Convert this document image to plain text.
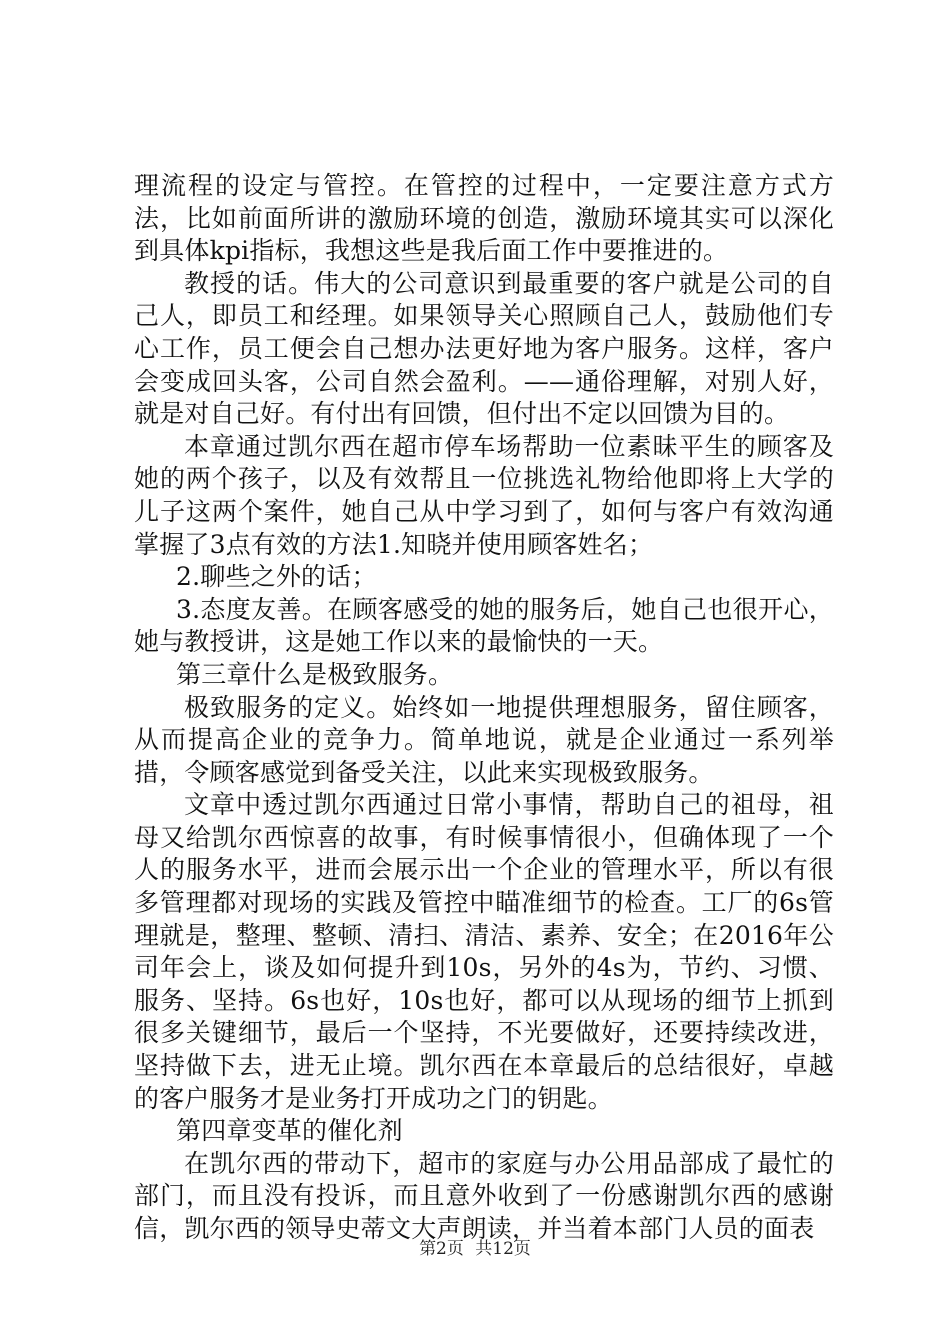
理流程的设定与管控。在管控的过程中，一定要注意方式方法，比如前面所讲的激励环境的创造，激励环境其实可以深化到具体kpi指标，我想这些是我后面工作中要推进的。

教授的话。伟大的公司意识到最重要的客户就是公司的自己人，即员工和经理。如果领导关心照顾自己人，鼓励他们专心工作，员工便会自己想办法更好地为客户服务。这样，客户会变成回头客，公司自然会盈利。——通俗理解，对别人好，就是对自己好。有付出有回馈，但付出不定以回馈为目的。

本章通过凯尔西在超市停车场帮助一位素昧平生的顾客及她的两个孩子，以及有效帮且一位挑选礼物给他即将上大学的儿子这两个案件，她自己从中学习到了，如何与客户有效沟通掌握了3点有效的方法1.知晓并使用顾客姓名；

2.聊些之外的话；

3.态度友善。在顾客感受的她的服务后，她自己也很开心，她与教授讲，这是她工作以来的最愉快的一天。

第三章什么是极致服务。

极致服务的定义。始终如一地提供理想服务，留住顾客，从而提高企业的竞争力。简单地说，就是企业通过一系列举措，令顾客感觉到备受关注，以此来实现极致服务。

文章中透过凯尔西通过日常小事情，帮助自己的祖母，祖母又给凯尔西惊喜的故事，有时候事情很小，但确体现了一个人的服务水平，进而会展示出一个企业的管理水平，所以有很多管理都对现场的实践及管控中瞄准细节的检查。工厂的6s管理就是，整理、整顿、清扫、清洁、素养、安全；在2016年公司年会上，谈及如何提升到10s，另外的4s为，节约、习惯、服务、坚持。6s也好，10s也好，都可以从现场的细节上抓到很多关键细节，最后一个坚持，不光要做好，还要持续改进，坚持做下去，进无止境。凯尔西在本章最后的总结很好，卓越的客户服务才是业务打开成功之门的钥匙。

第四章变革的催化剂

在凯尔西的带动下，超市的家庭与办公用品部成了最忙的部门，而且没有投诉，而且意外收到了一份感谢凯尔西的感谢信，凯尔西的领导史蒂文大声朗读，并当着本部门人员的面表

第2页 共12页
